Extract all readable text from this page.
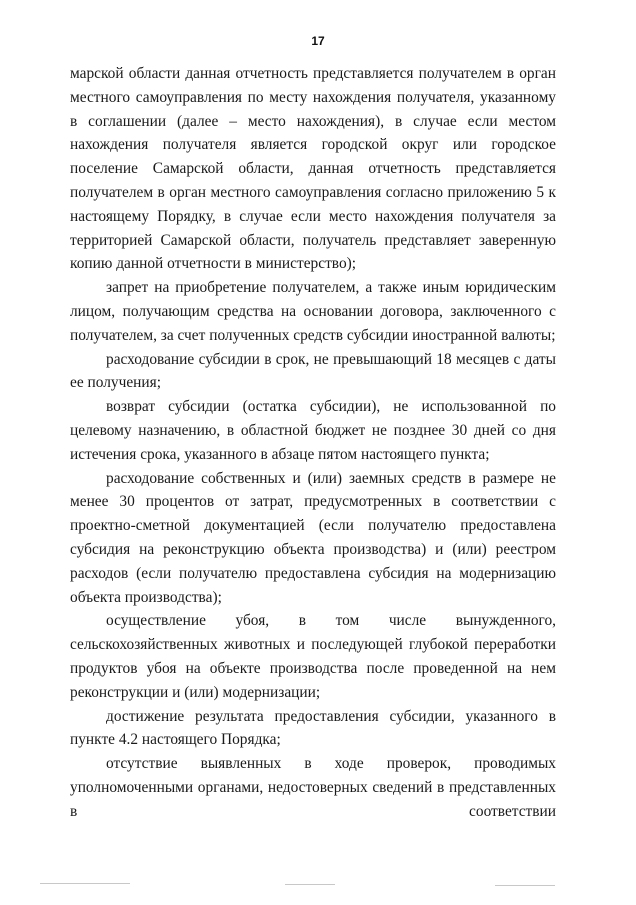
17

марской области данная отчетность представляется получателем в орган местного самоуправления по месту нахождения получателя, указанному в соглашении (далее – место нахождения), в случае если местом нахождения получателя является городской округ или городское поселение Самарской области, данная отчетность представляется получателем в орган местного самоуправления согласно приложению 5 к настоящему Порядку, в случае если место нахождения получателя за территорией Самарской области, получатель представляет заверенную копию данной отчетности в министерство);

запрет на приобретение получателем, а также иным юридическим лицом, получающим средства на основании договора, заключенного с получателем, за счет полученных средств субсидии иностранной валюты;

расходование субсидии в срок, не превышающий 18 месяцев с даты ее получения;

возврат субсидии (остатка субсидии), не использованной по целевому назначению, в областной бюджет не позднее 30 дней со дня истечения срока, указанного в абзаце пятом настоящего пункта;

расходование собственных и (или) заемных средств в размере не менее 30 процентов от затрат, предусмотренных в соответствии с проектно-сметной документацией (если получателю предоставлена субсидия на реконструкцию объекта производства) и (или) реестром расходов (если получателю предоставлена субсидия на модернизацию объекта производства);

осуществление убоя, в том числе вынужденного, сельскохозяйственных животных и последующей глубокой переработки продуктов убоя на объекте производства после проведенной на нем реконструкции и (или) модернизации;

достижение результата предоставления субсидии, указанного в пункте 4.2 настоящего Порядка;

отсутствие выявленных в ходе проверок, проводимых уполномоченными органами, недостоверных сведений в представленных в соответствии
